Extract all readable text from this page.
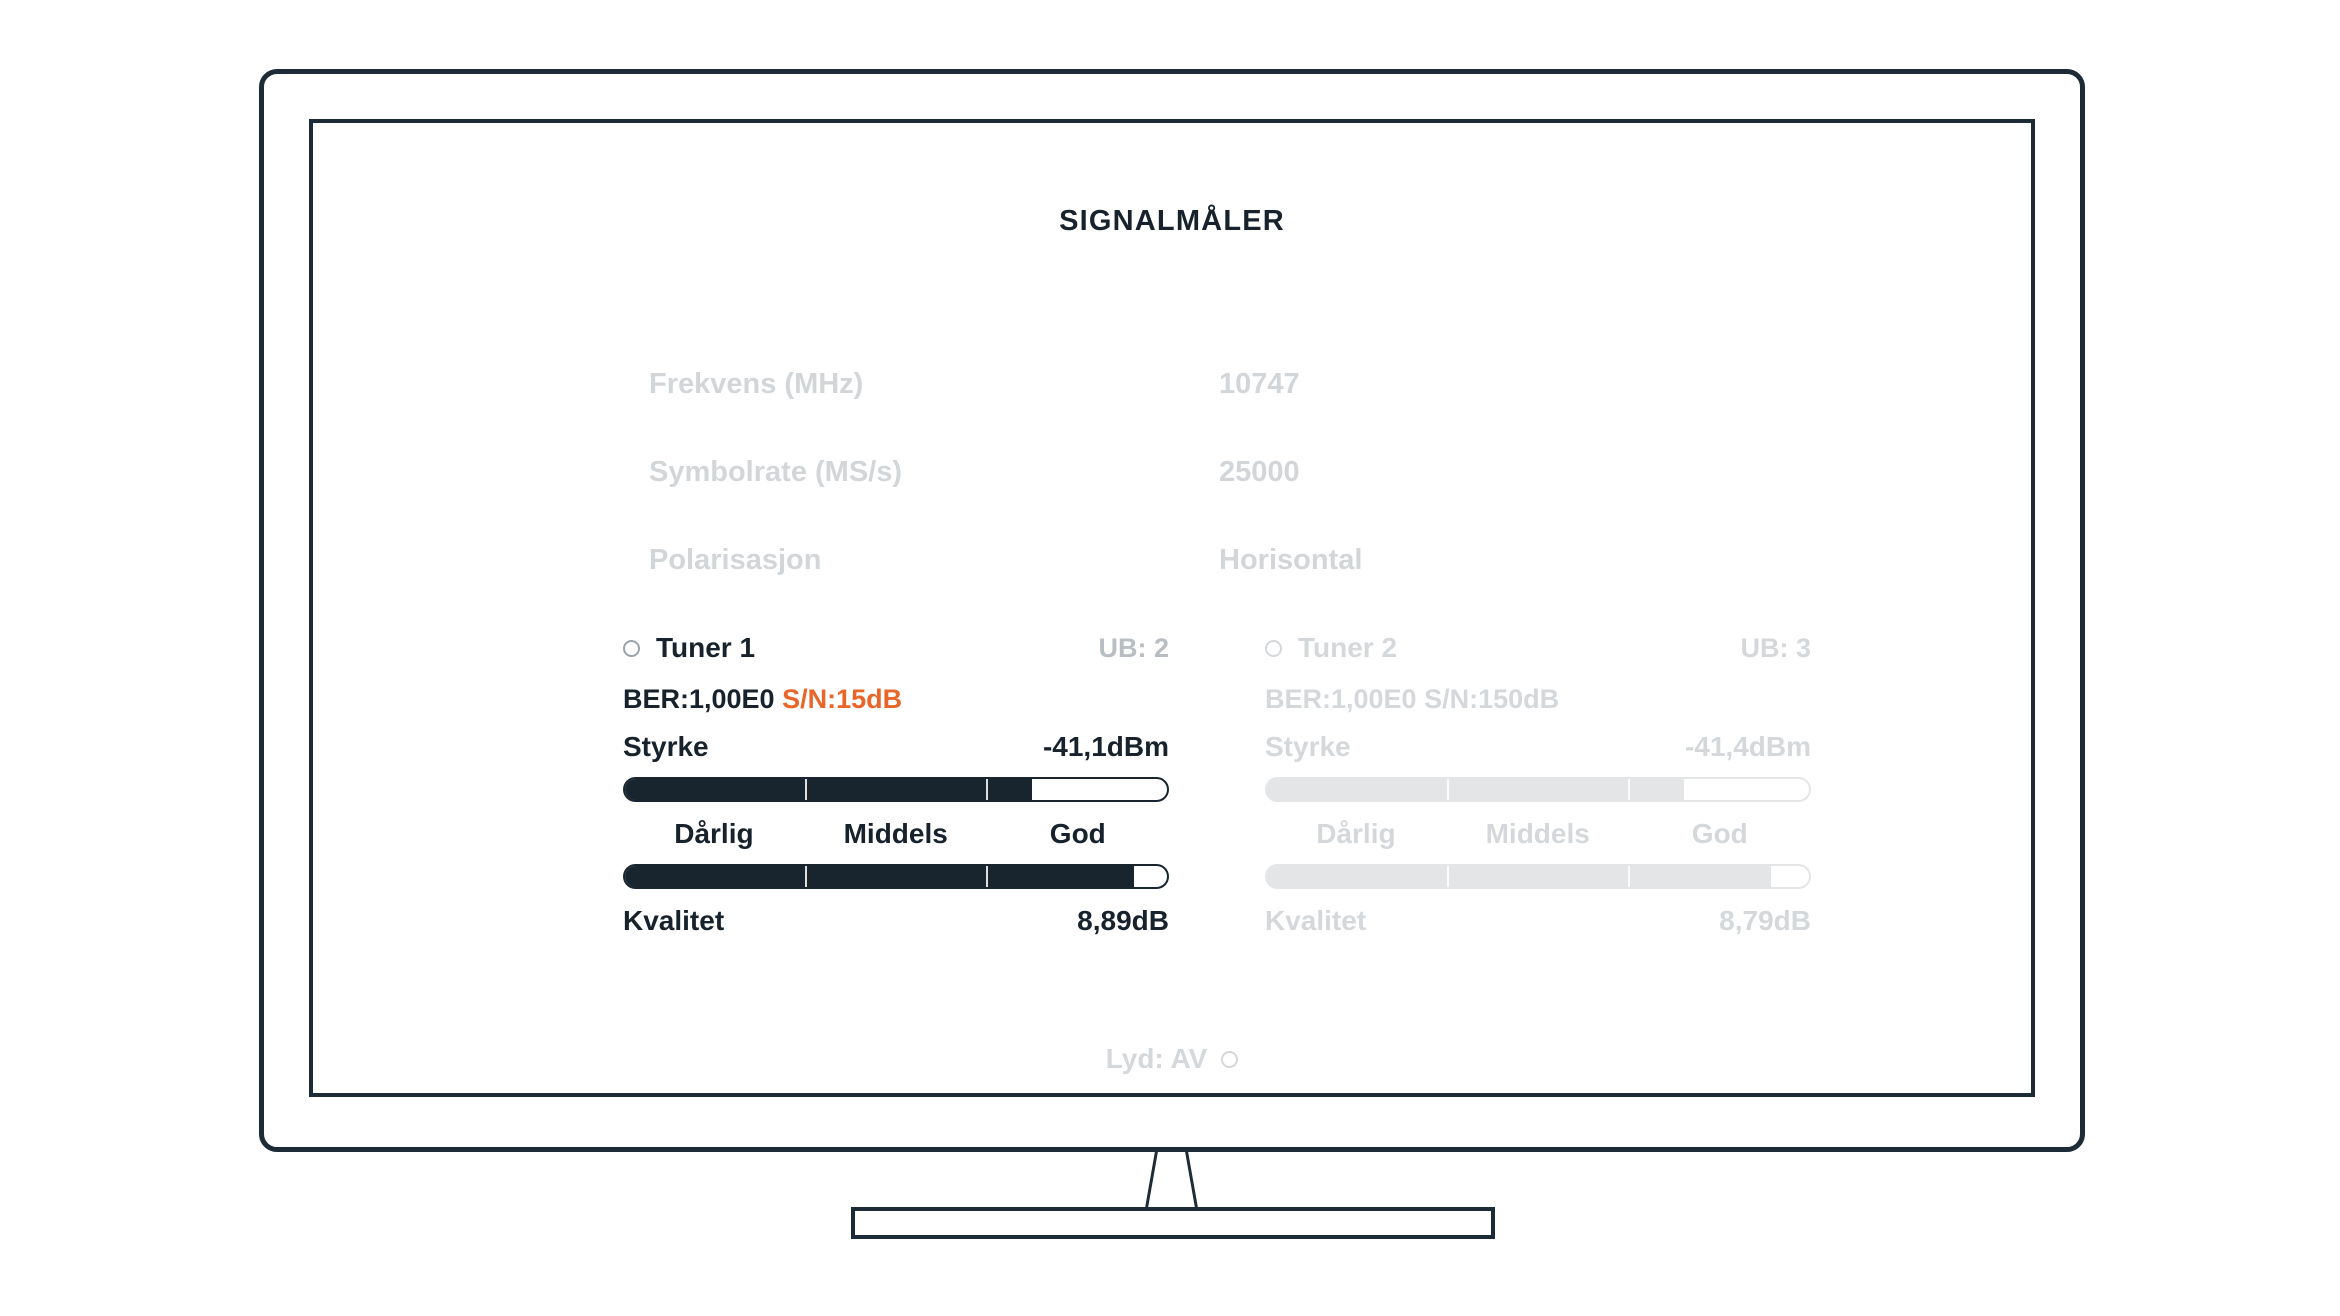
SIGNALMÅLER
Frekvens (MHz)	10747
Symbolrate (MS/s)	25000
Polarisasjon	Horisontal
Tuner 1	UB: 2
BER:1,00E0 S/N:15dB
Styrke	-41,1dBm
Dårlig	Middels	God
Kvalitet	8,89dB
Tuner 2	UB: 3
BER:1,00E0 S/N:150dB
Styrke	-41,4dBm
Dårlig	Middels	God
Kvalitet	8,79dB
Lyd: AV
